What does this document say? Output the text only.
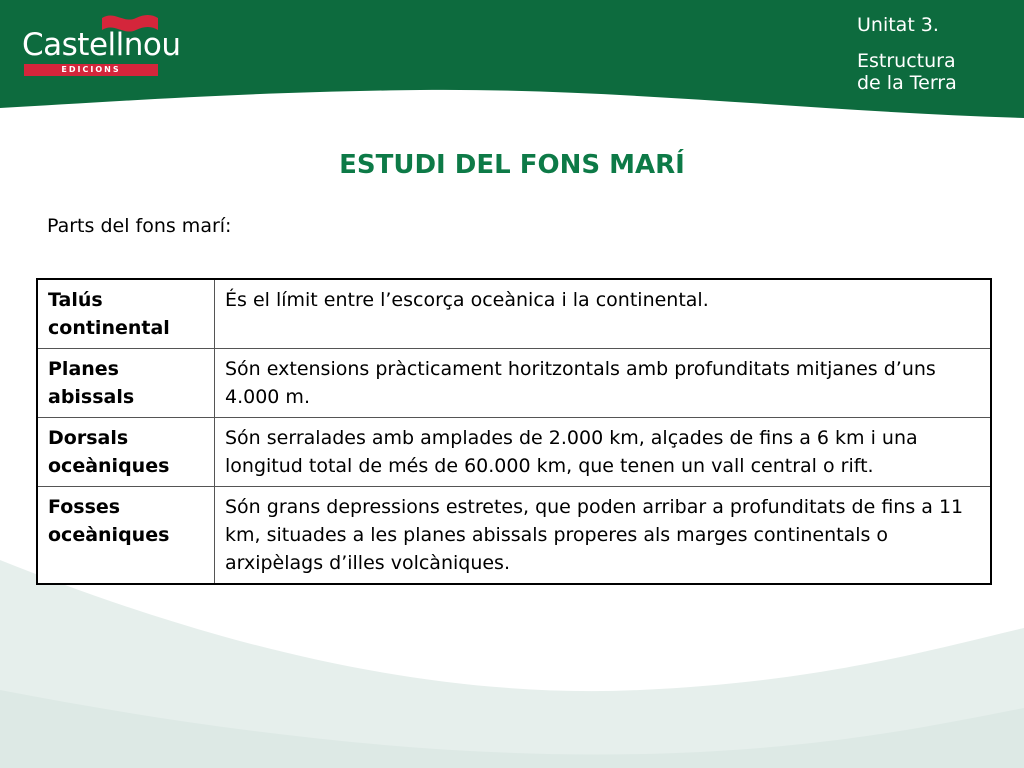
Castellnou
EDICIONS
Unitat 3.
Estructura
de la Terra
ESTUDI DEL FONS MARÍ
Parts del fons marí:
Talús continental	És el límit entre l’escorça oceànica i la continental.
Planes abissals	Són extensions pràcticament horitzontals amb profunditats mitjanes d’uns 4.000 m.
Dorsals oceàniques	Són serralades amb amplades de 2.000 km, alçades de fins a 6 km i una longitud total de més de 60.000 km, que tenen un vall central o rift.
Fosses oceàniques	Són grans depressions estretes, que poden arribar a profunditats de fins a 11 km, situades a les planes abissals properes als marges continentals o arxipèlags d’illes volcàniques.
